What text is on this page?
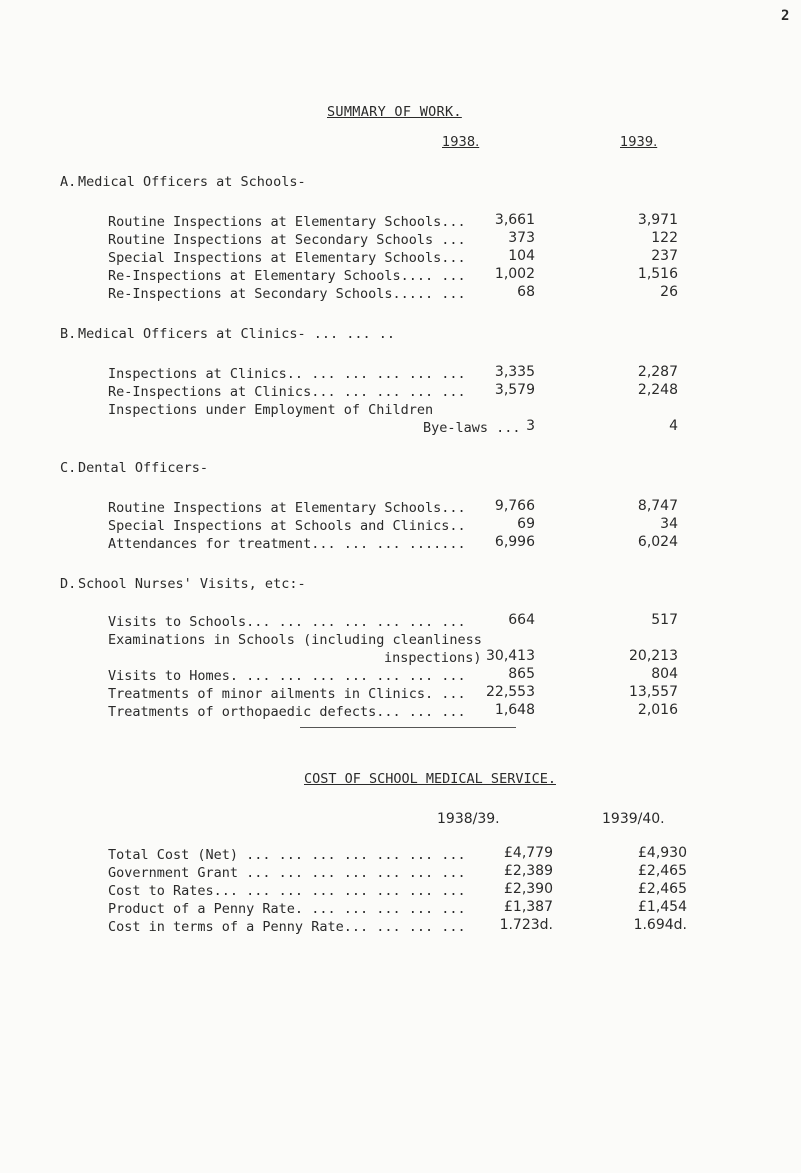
2
SUMMARY OF WORK.
1938.	1939.
A. Medical Officers at Schools-
Routine Inspections at Elementary Schools... 3,661	3,971
Routine Inspections at Secondary Schools ...	373	122
Special Inspections at Elementary Schools...	104	237
Re-Inspections at Elementary Schools.... ... 1,002	1,516
Re-Inspections at Secondary Schools..... ...	68	26
B. Medical Officers at Clinics- ... ... ..
Inspections at Clinics.. ... ... ... ... ... 3,335	2,287
Re-Inspections at Clinics... ... ... ... ... 3,579	2,248
Inspections under Employment of Children
Bye-laws ... 3	4
C. Dental Officers-
Routine Inspections at Elementary Schools... 9,766	8,747
Special Inspections at Schools and Clinics..	69	34
Attendances for treatment... ... ... ....... 6,996	6,024
D. School Nurses' Visits, etc:-
Visits to Schools... ... ... ... ... ... ...	664	517
Examinations in Schools (including cleanliness
inspections) 30,413	20,213
Visits to Homes. ... ... ... ... ... ... ...	865	804
Treatments of minor ailments in Clinics. ... 22,553	13,557
Treatments of orthopaedic defects... ... ... 1,648	2,016
COST OF SCHOOL MEDICAL SERVICE.
1938/39.	1939/40.
Total Cost (Net) ... ... ... ... ... ... ...	£4,779	£4,930
Government Grant ... ... ... ... ... ... ...	£2,389	£2,465
Cost to Rates... ... ... ... ... ... ... ...	£2,390	£2,465
Product of a Penny Rate. ... ... ... ... ...	£1,387	£1,454
Cost in terms of a Penny Rate... ... ... ... 1.723d.	1.694d.
